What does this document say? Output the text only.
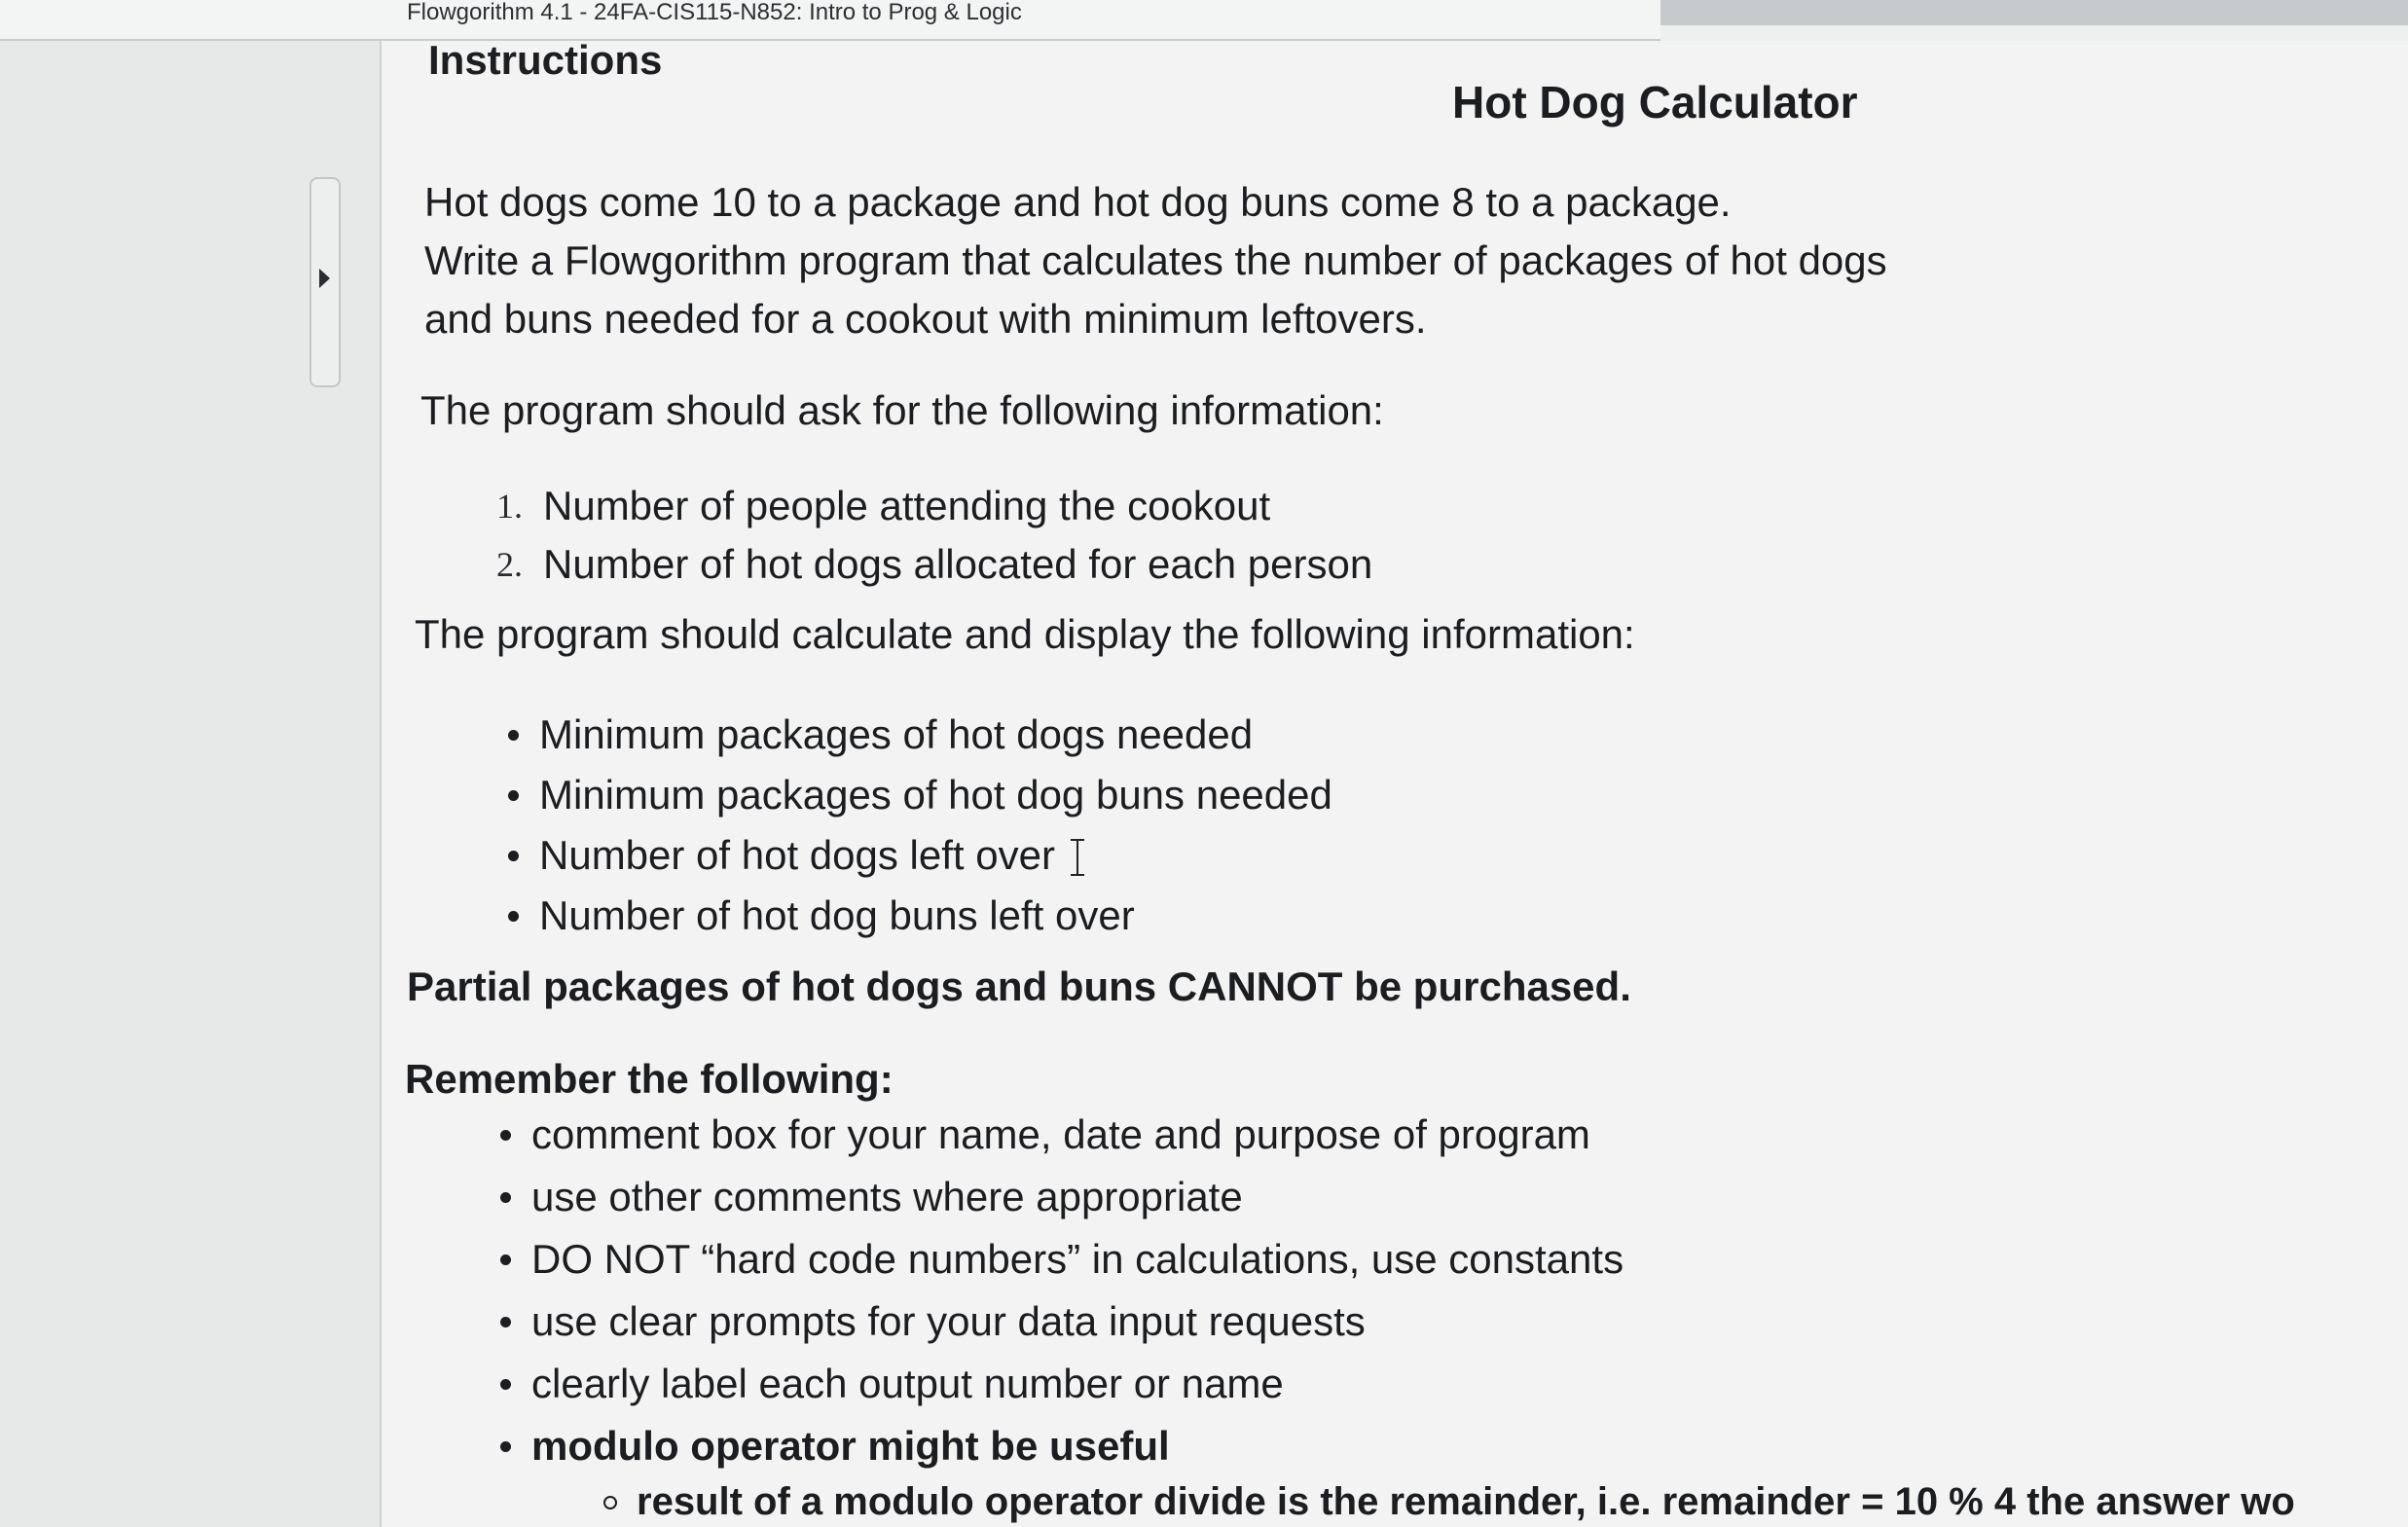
Flowgorithm 4.1 - 24FA-CIS115-N852: Intro to Prog & Logic
Instructions
Hot Dog Calculator
Hot dogs come 10 to a package and hot dog buns come 8 to a package.
Write a Flowgorithm program that calculates the number of packages of hot dogs
and buns needed for a cookout with minimum leftovers.
The program should ask for the following information:
1. Number of people attending the cookout
2. Number of hot dogs allocated for each person
The program should calculate and display the following information:
Minimum packages of hot dogs needed
Minimum packages of hot dog buns needed
Number of hot dogs left over
Number of hot dog buns left over
Partial packages of hot dogs and buns CANNOT be purchased.
Remember the following:
comment box for your name, date and purpose of program
use other comments where appropriate
DO NOT “hard code numbers” in calculations, use constants
use clear prompts for your data input requests
clearly label each output number or name
modulo operator might be useful
result of a modulo operator divide is the remainder, i.e. remainder = 10 % 4 the answer wo
